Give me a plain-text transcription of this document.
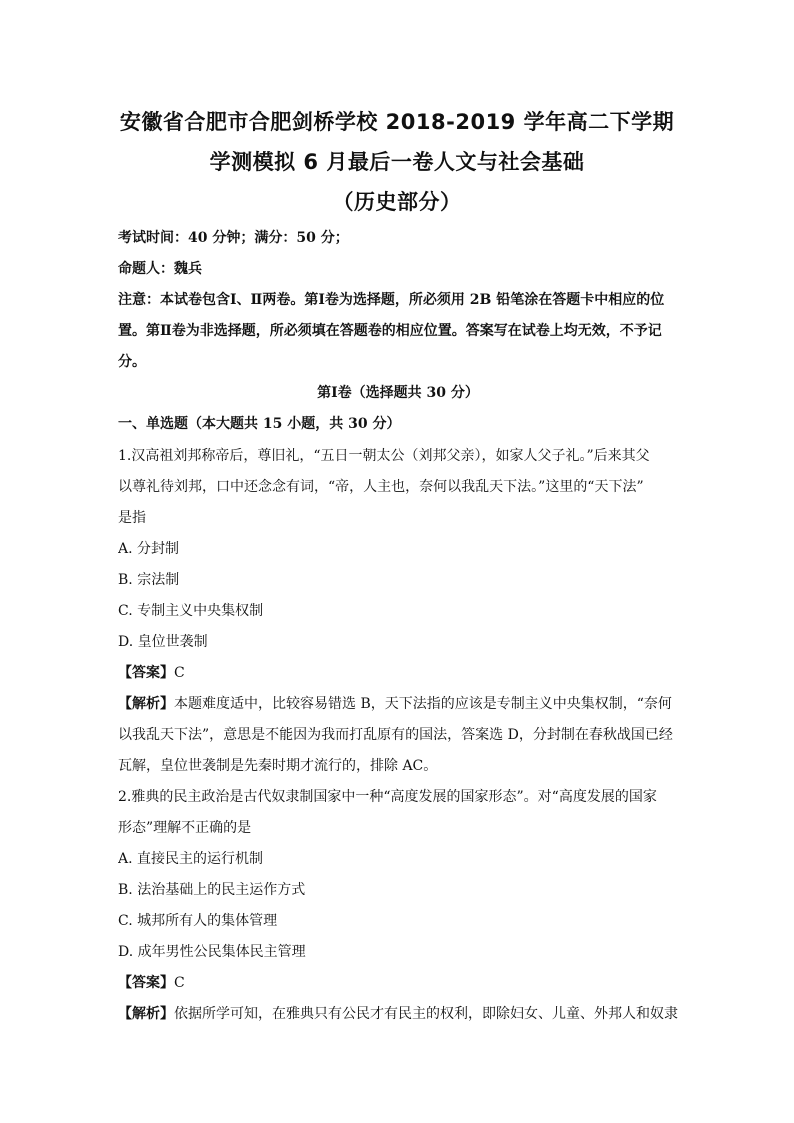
安徽省合肥市合肥剑桥学校 2018-2019 学年高二下学期
学测模拟 6 月最后一卷人文与社会基础
（历史部分）
考试时间：40 分钟；满分：50 分；
命题人：魏兵
注意：本试卷包含Ⅰ、Ⅱ两卷。第Ⅰ卷为选择题，所必须用 2B 铅笔涂在答题卡中相应的位
置。第Ⅱ卷为非选择题，所必须填在答题卷的相应位置。答案写在试卷上均无效，不予记
分。
第Ⅰ卷（选择题共 30 分）
一、单选题（本大题共 15 小题，共 30 分）
1.汉高祖刘邦称帝后，尊旧礼，“五日一朝太公（刘邦父亲），如家人父子礼。”后来其父
以尊礼待刘邦，口中还念念有词，“帝，人主也，奈何以我乱天下法。”这里的“天下法”
是指
A. 分封制
B. 宗法制
C. 专制主义中央集权制
D. 皇位世袭制
【答案】C
【解析】本题难度适中，比较容易错选 B，天下法指的应该是专制主义中央集权制，“奈何
以我乱天下法”，意思是不能因为我而打乱原有的国法，答案选 D，分封制在春秋战国已经
瓦解，皇位世袭制是先秦时期才流行的，排除 AC。
2.雅典的民主政治是古代奴隶制国家中一种“高度发展的国家形态”。对“高度发展的国家
形态”理解不正确的是
A. 直接民主的运行机制
B. 法治基础上的民主运作方式
C. 城邦所有人的集体管理
D. 成年男性公民集体民主管理
【答案】C
【解析】依据所学可知，在雅典只有公民才有民主的权利，即除妇女、儿童、外邦人和奴隶
